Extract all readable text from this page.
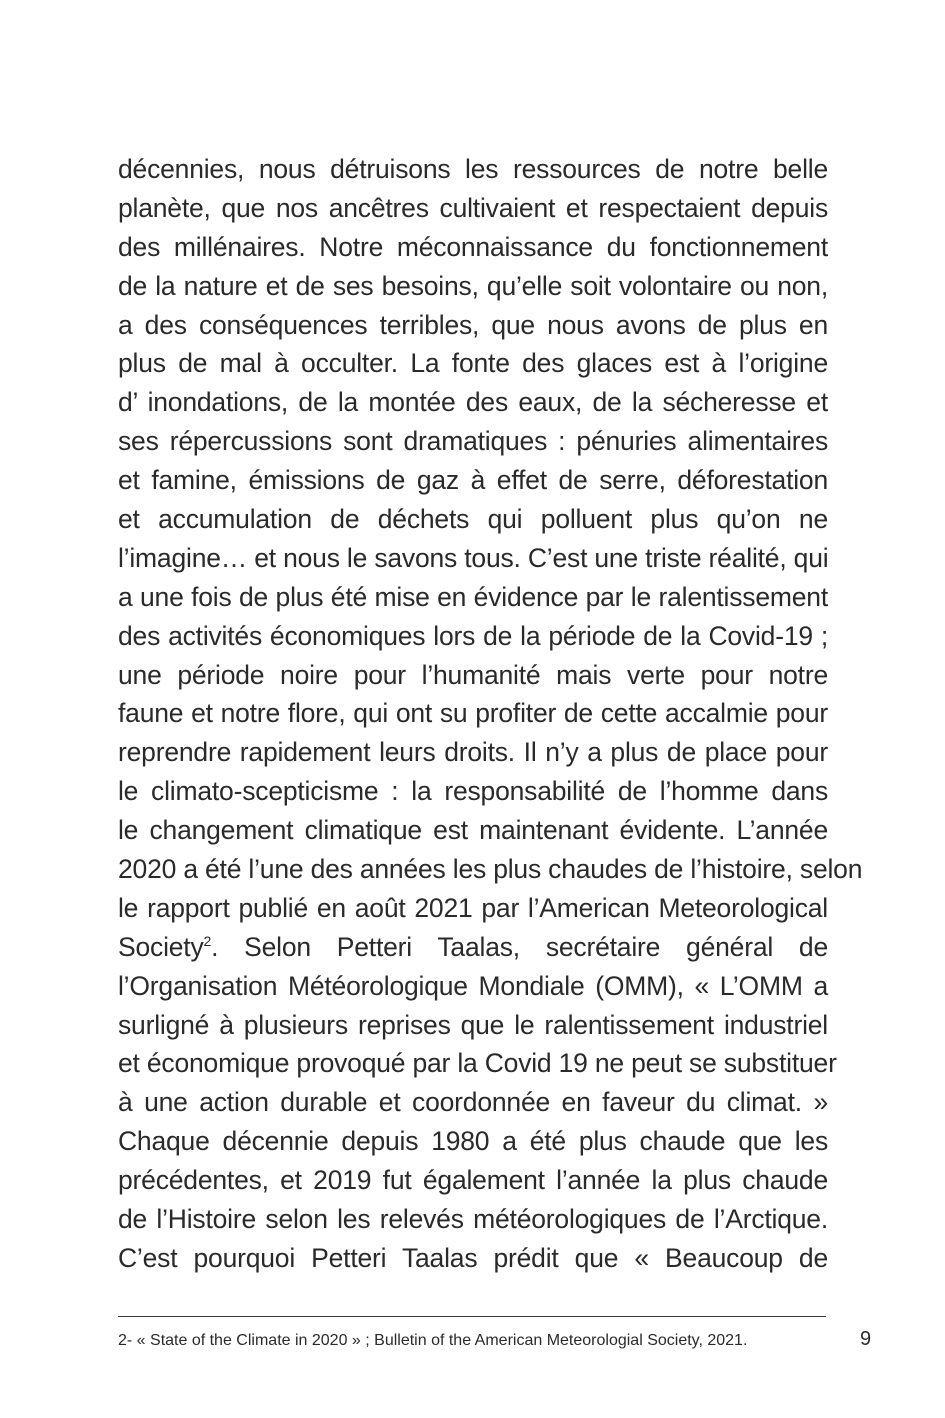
décennies, nous détruisons les ressources de notre belle
planète, que nos ancêtres cultivaient et respectaient depuis
des millénaires. Notre méconnaissance du fonctionnement
de la nature et de ses besoins, qu’elle soit volontaire ou non,
a des conséquences terribles, que nous avons de plus en
plus de mal à occulter. La fonte des glaces est à l’origine
d’ inondations, de la montée des eaux, de la sécheresse et
ses répercussions sont dramatiques : pénuries alimentaires
et famine, émissions de gaz à effet de serre, déforestation
et accumulation de déchets qui polluent plus qu’on ne
l’imagine… et nous le savons tous. C’est une triste réalité, qui
a une fois de plus été mise en évidence par le ralentissement
des activités économiques lors de la période de la Covid-19 ;
une période noire pour l’humanité mais verte pour notre
faune et notre flore, qui ont su profiter de cette accalmie pour
reprendre rapidement leurs droits. Il n’y a plus de place pour
le climato-scepticisme : la responsabilité de l’homme dans
le changement climatique est maintenant évidente. L’année
2020 a été l’une des années les plus chaudes de l’histoire, selon
le rapport publié en août 2021 par l’American Meteorological
Society$^2$. Selon Petteri Taalas, secrétaire général de
l’Organisation Météorologique Mondiale (OMM), « L’OMM a
surligné à plusieurs reprises que le ralentissement industriel
et économique provoqué par la Covid 19 ne peut se substituer
à une action durable et coordonnée en faveur du climat. »
Chaque décennie depuis 1980 a été plus chaude que les
précédentes, et 2019 fut également l’année la plus chaude
de l’Histoire selon les relevés météorologiques de l’Arctique.
C’est pourquoi Petteri Taalas prédit que « Beaucoup de
2- « State of the Climate in 2020 » ; Bulletin of the American Meteorologial Society, 2021.	9
